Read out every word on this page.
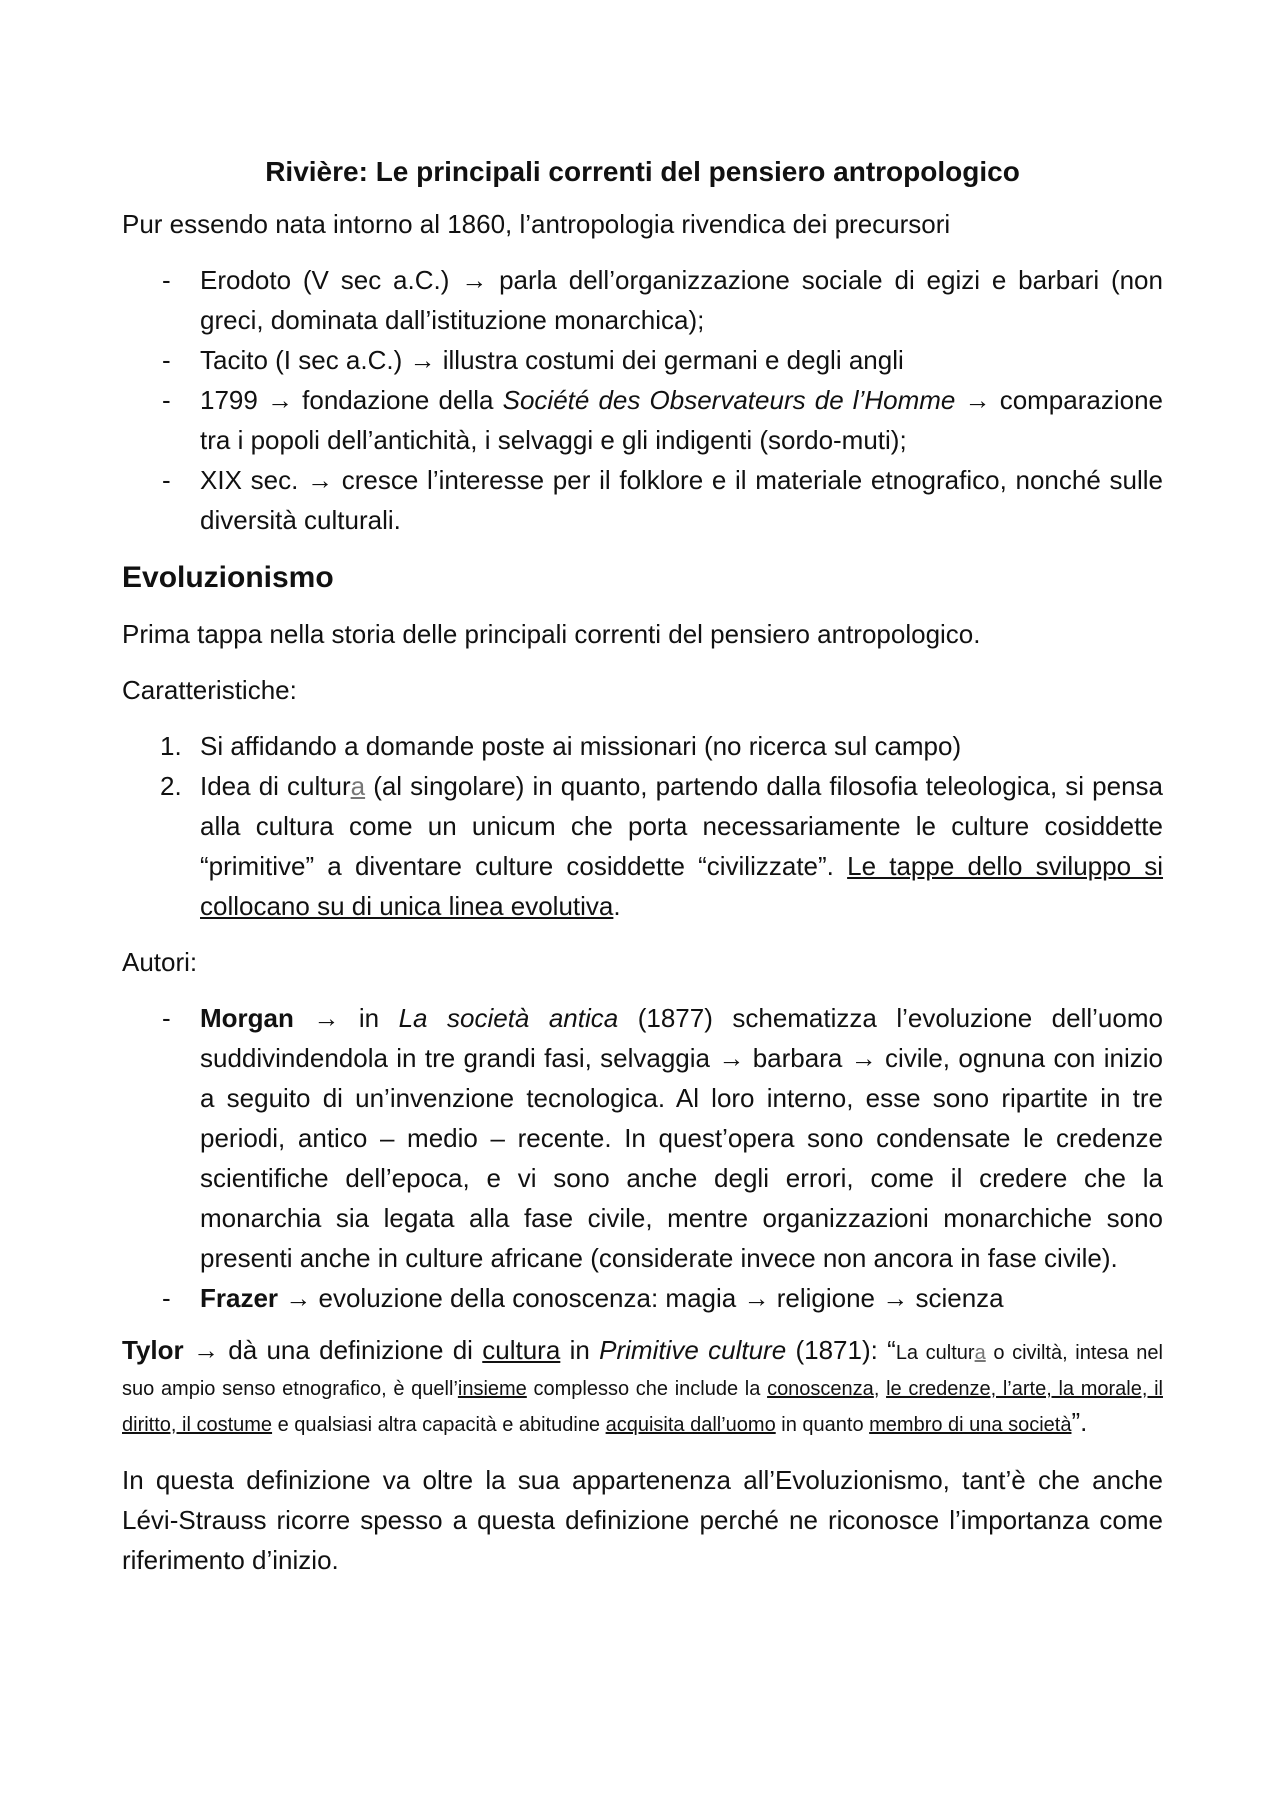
Rivière: Le principali correnti del pensiero antropologico

Pur essendo nata intorno al 1860, l’antropologia rivendica dei precursori

- Erodoto (V sec a.C.) → parla dell’organizzazione sociale di egizi e barbari (non greci, dominata dall’istituzione monarchica);
- Tacito (I sec a.C.) → illustra costumi dei germani e degli angli
- 1799 → fondazione della Société des Observateurs de l’Homme → comparazione tra i popoli dell’antichità, i selvaggi e gli indigenti (sordo-muti);
- XIX sec. → cresce l’interesse per il folklore e il materiale etnografico, nonché sulle diversità culturali.
Evoluzionismo

Prima tappa nella storia delle principali correnti del pensiero antropologico.

Caratteristiche:

1. Si affidando a domande poste ai missionari (no ricerca sul campo)
2. Idea di cultura (al singolare) in quanto, partendo dalla filosofia teleologica, si pensa alla cultura come un unicum che porta necessariamente le culture cosiddette “primitive” a diventare culture cosiddette “civilizzate”. Le tappe dello sviluppo si collocano su di unica linea evolutiva.

Autori:

- Morgan → in La società antica (1877) schematizza l’evoluzione dell’uomo suddivindendola in tre grandi fasi, selvaggia → barbara → civile, ognuna con inizio a seguito di un’invenzione tecnologica. Al loro interno, esse sono ripartite in tre periodi, antico – medio – recente. In quest’opera sono condensate le credenze scientifiche dell’epoca, e vi sono anche degli errori, come il credere che la monarchia sia legata alla fase civile, mentre organizzazioni monarchiche sono presenti anche in culture africane (considerate invece non ancora in fase civile).
- Frazer → evoluzione della conoscenza: magia → religione → scienza

Tylor → dà una definizione di cultura in Primitive culture (1871): “La cultura o civiltà, intesa nel suo ampio senso etnografico, è quell’insieme complesso che include la conoscenza, le credenze, l’arte, la morale, il diritto, il costume e qualsiasi altra capacità e abitudine acquisita dall’uomo in quanto membro di una società”.

In questa definizione va oltre la sua appartenenza all’Evoluzionismo, tant’è che anche Lévi-Strauss ricorre spesso a questa definizione perché ne riconosce l’importanza come riferimento d’inizio.
